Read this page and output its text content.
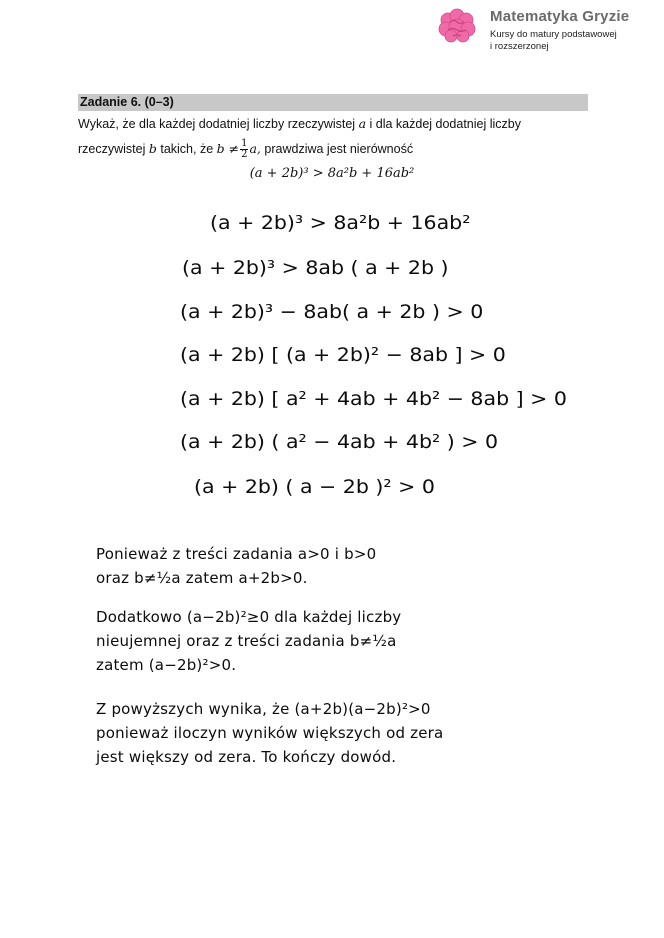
Matematyka Gryzie
Kursy do matury podstawowej
i rozszerzonej
Zadanie 6. (0–3)
Wykaż, że dla każdej dodatniej liczby rzeczywistej a i dla każdej dodatniej liczby
rzeczywistej b takich, że $b \ne \frac{1}{2} a$, prawdziwa jest nierówność
(a + 2b)³ > 8a²b + 16ab²
(a + 2b)³ > 8a²b + 16ab²
(a + 2b)³ > 8ab ( a + 2b )
(a + 2b)³ − 8ab( a + 2b ) > 0
(a + 2b) [ (a + 2b)² − 8ab ] > 0
(a + 2b) [ a² + 4ab + 4b² − 8ab ] > 0
(a + 2b) ( a² − 4ab + 4b² ) > 0
(a + 2b) ( a − 2b )² > 0
Ponieważ z treści zadania a>0 i b>0
oraz b≠½a zatem a+2b>0.
Dodatkowo (a−2b)²≥0 dla każdej liczby
nieujemnej oraz z treści zadania b≠½a
zatem (a−2b)²>0.
Z powyższych wynika, że (a+2b)(a−2b)²>0
ponieważ iloczyn wyników większych od zera
jest większy od zera. To kończy dowód.
